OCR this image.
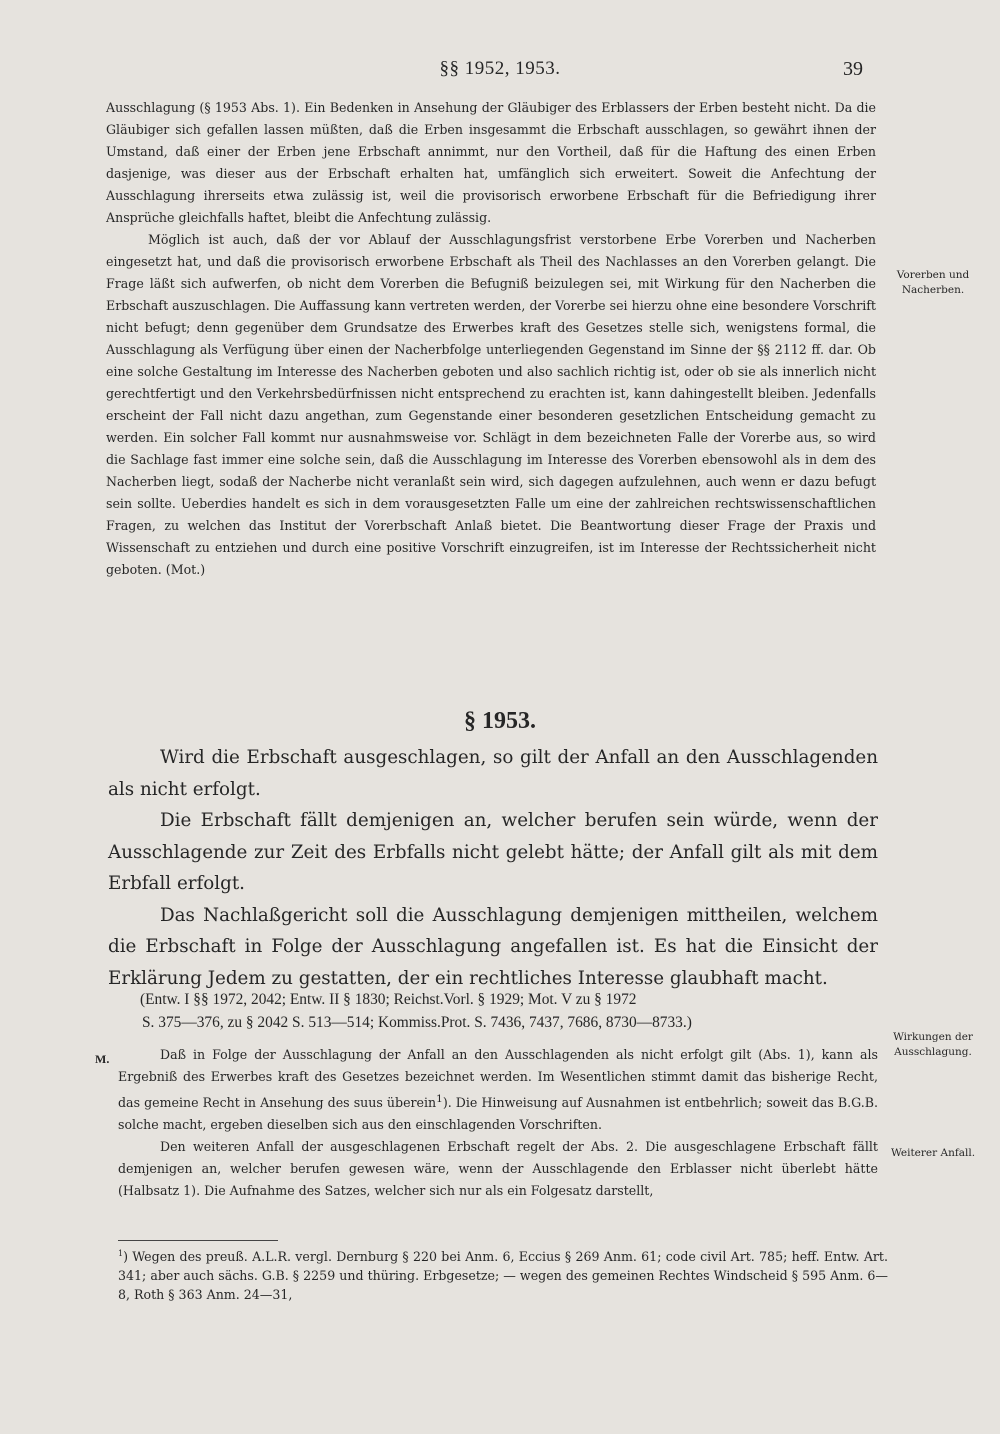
§§ 1952, 1953.	39

Ausschlagung (§ 1953 Abs. 1). Ein Bedenken in Ansehung der Gläubiger des Erblassers der Erben besteht nicht. Da die Gläubiger sich gefallen lassen müßten, daß die Erben insgesammt die Erbschaft ausschlagen, so gewährt ihnen der Umstand, daß einer der Erben jene Erbschaft annimmt, nur den Vortheil, daß für die Haftung des einen Erben dasjenige, was dieser aus der Erbschaft erhalten hat, umfänglich sich erweitert. Soweit die Anfechtung der Ausschlagung ihrerseits etwa zulässig ist, weil die provisorisch erworbene Erbschaft für die Befriedigung ihrer Ansprüche gleichfalls haftet, bleibt die Anfechtung zulässig.

Möglich ist auch, daß der vor Ablauf der Ausschlagungsfrist verstorbene Erbe Vorerben und Nacherben eingesetzt hat, und daß die provisorisch erworbene Erbschaft als Theil des Nachlasses an den Vorerben gelangt. Die Frage läßt sich aufwerfen, ob nicht dem Vorerben die Befugniß beizulegen sei, mit Wirkung für den Nacherben die Erbschaft auszuschlagen. Die Auffassung kann vertreten werden, der Vorerbe sei hierzu ohne eine besondere Vorschrift nicht befugt; denn gegenüber dem Grundsatze des Erwerbes kraft des Gesetzes stelle sich, wenigstens formal, die Ausschlagung als Verfügung über einen der Nacherbfolge unterliegenden Gegenstand im Sinne der §§ 2112 ff. dar. Ob eine solche Gestaltung im Interesse des Nacherben geboten und also sachlich richtig ist, oder ob sie als innerlich nicht gerechtfertigt und den Verkehrsbedürfnissen nicht entsprechend zu erachten ist, kann dahingestellt bleiben. Jedenfalls erscheint der Fall nicht dazu angethan, zum Gegenstande einer besonderen gesetzlichen Entscheidung gemacht zu werden. Ein solcher Fall kommt nur ausnahmsweise vor. Schlägt in dem bezeichneten Falle der Vorerbe aus, so wird die Sachlage fast immer eine solche sein, daß die Ausschlagung im Interesse des Vorerben ebensowohl als in dem des Nacherben liegt, sodaß der Nacherbe nicht veranlaßt sein wird, sich dagegen aufzulehnen, auch wenn er dazu befugt sein sollte. Ueberdies handelt es sich in dem vorausgesetzten Falle um eine der zahlreichen rechtswissenschaftlichen Fragen, zu welchen das Institut der Vorerbschaft Anlaß bietet. Die Beantwortung dieser Frage der Praxis und Wissenschaft zu entziehen und durch eine positive Vorschrift einzugreifen, ist im Interesse der Rechtssicherheit nicht geboten. (Mot.)

Vorerben und Nacherben.
§ 1953.

Wird die Erbschaft ausgeschlagen, so gilt der Anfall an den Ausschlagenden als nicht erfolgt.

Die Erbschaft fällt demjenigen an, welcher berufen sein würde, wenn der Ausschlagende zur Zeit des Erbfalls nicht gelebt hätte; der Anfall gilt als mit dem Erbfall erfolgt.

Das Nachlaßgericht soll die Ausschlagung demjenigen mittheilen, welchem die Erbschaft in Folge der Ausschlagung angefallen ist. Es hat die Einsicht der Erklärung Jedem zu gestatten, der ein rechtliches Interesse glaubhaft macht.

(Entw. I §§ 1972, 2042; Entw. II § 1830; Reichst.Vorl. § 1929; Mot. V zu § 1972

S. 375—376, zu § 2042 S. 513—514; Kommiss.Prot. S. 7436, 7437, 7686, 8730—8733.)

M.	Daß in Folge der Ausschlagung der Anfall an den Ausschlagenden als nicht erfolgt gilt (Abs. 1), kann als Ergebniß des Erwerbes kraft des Gesetzes bezeichnet werden. Im Wesentlichen stimmt damit das bisherige Recht, das gemeine Recht in Ansehung des suus überein$^1$). Die Hinweisung auf Ausnahmen ist entbehrlich; soweit das B.G.B. solche macht, ergeben dieselben sich aus den einschlagenden Vorschriften.

Den weiteren Anfall der ausgeschlagenen Erbschaft regelt der Abs. 2. Die ausgeschlagene Erbschaft fällt demjenigen an, welcher berufen gewesen wäre, wenn der Ausschlagende den Erblasser nicht überlebt hätte (Halbsatz 1). Die Aufnahme des Satzes, welcher sich nur als ein Folgesatz darstellt,

Wirkungen der Ausschlagung.
Weiterer Anfall.

$^1$) Wegen des preuß. A.L.R. vergl. Dernburg § 220 bei Anm. 6, Eccius § 269 Anm. 61; code civil Art. 785; heff. Entw. Art. 341; aber auch sächs. G.B. § 2259 und thüring. Erbgesetze; — wegen des gemeinen Rechtes Windscheid § 595 Anm. 6—8, Roth § 363 Anm. 24—31,
